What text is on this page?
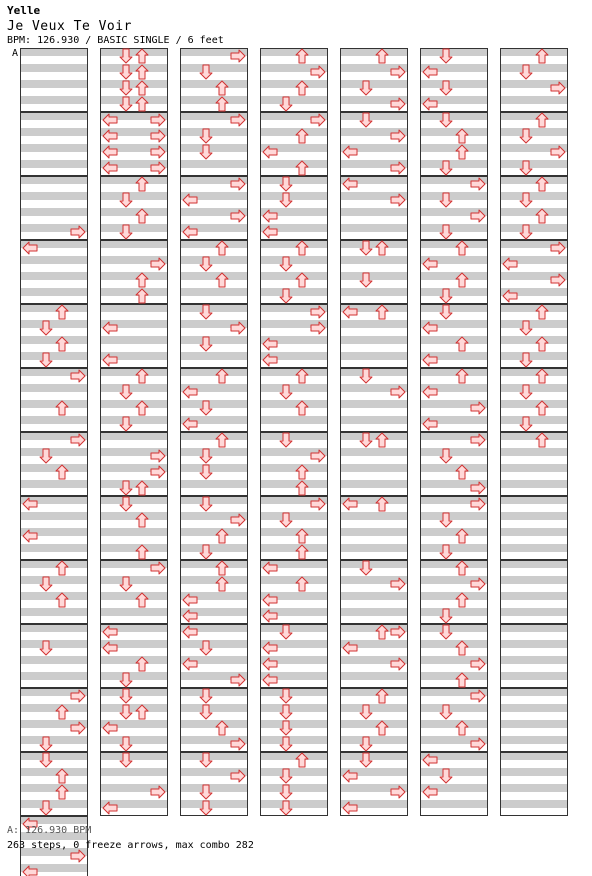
Yelle
Je Veux Te Voir
BPM: 126.930 / BASIC SINGLE / 6 feet
A
A: 126.930 BPM
263 steps, 0 freeze arrows, max combo 282
